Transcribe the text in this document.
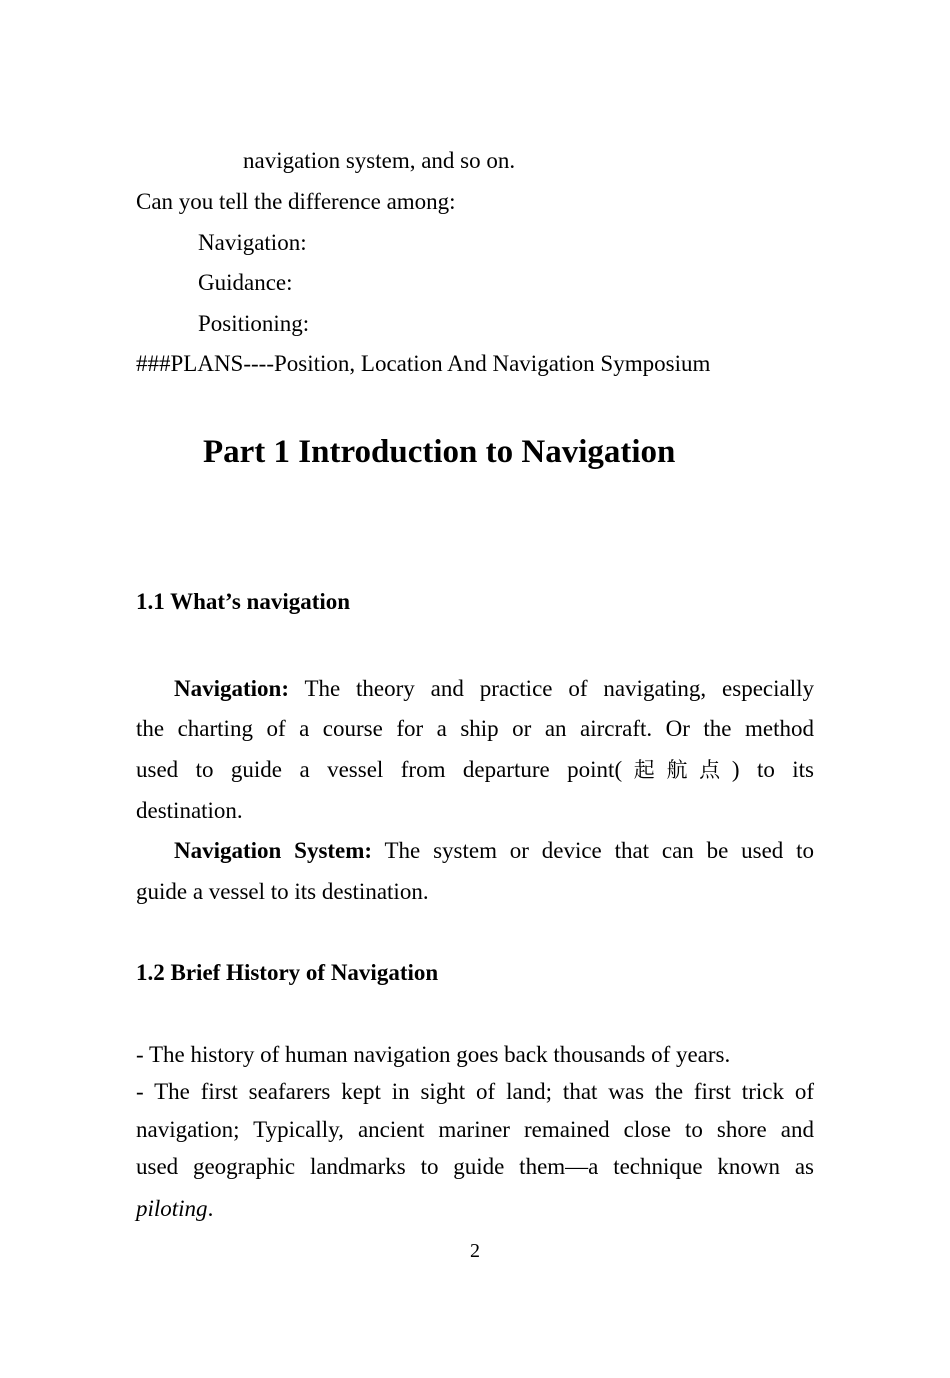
navigation system, and so on.
Can you tell the difference among:
Navigation:
Guidance:
Positioning:
###PLANS----Position, Location And Navigation Symposium
Part 1 Introduction to Navigation
1.1 What’s navigation
Navigation: The theory and practice of navigating, especially
the charting of a course for a ship or an aircraft. Or the method
used to guide a vessel from departure point(起航点) to its
destination.
Navigation System: The system or device that can be used to
guide a vessel to its destination.
1.2 Brief History of Navigation
- The history of human navigation goes back thousands of years.
- The first seafarers kept in sight of land; that was the first trick of
navigation; Typically, ancient mariner remained close to shore and
used geographic landmarks to guide them—a technique known as
piloting.
2
